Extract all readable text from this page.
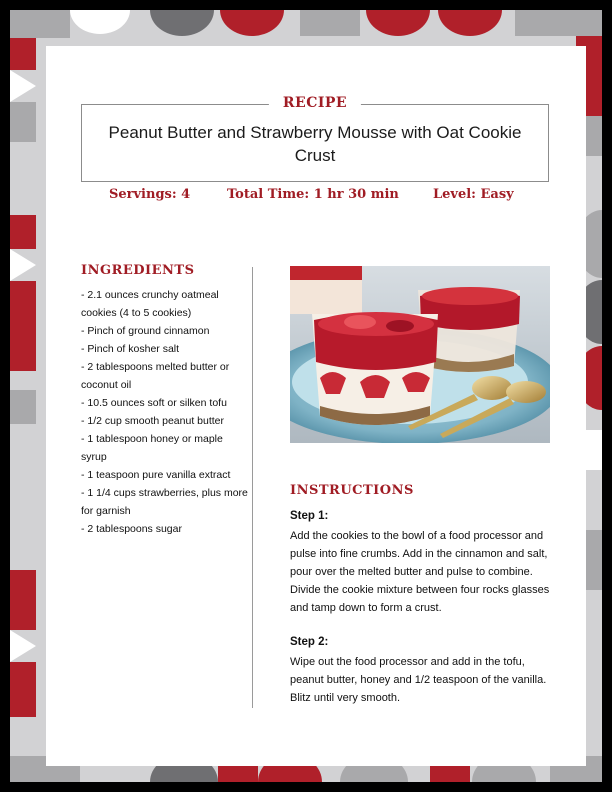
RECIPE
Peanut Butter and Strawberry Mousse with Oat Cookie Crust
Servings: 4	Total Time: 1 hr 30 min	Level: Easy
INGREDIENTS
- 2.1 ounces crunchy oatmeal cookies (4 to 5 cookies)
- Pinch of ground cinnamon
- Pinch of kosher salt
- 2 tablespoons melted butter or coconut oil
- 10.5 ounces soft or silken tofu
- 1/2 cup smooth peanut butter
- 1 tablespoon honey or maple syrup
- 1 teaspoon pure vanilla extract
- 1 1/4 cups strawberries, plus more for garnish
- 2 tablespoons sugar
INSTRUCTIONS
Step 1:

Add the cookies to the bowl of a food processor and pulse into fine crumbs. Add in the cinnamon and salt, pour over the melted butter and pulse to combine. Divide the cookie mixture between four rocks glasses and tamp down to form a crust.

Step 2:

Wipe out the food processor and add in the tofu, peanut butter, honey and 1/2 teaspoon of the vanilla. Blitz until very smooth.
